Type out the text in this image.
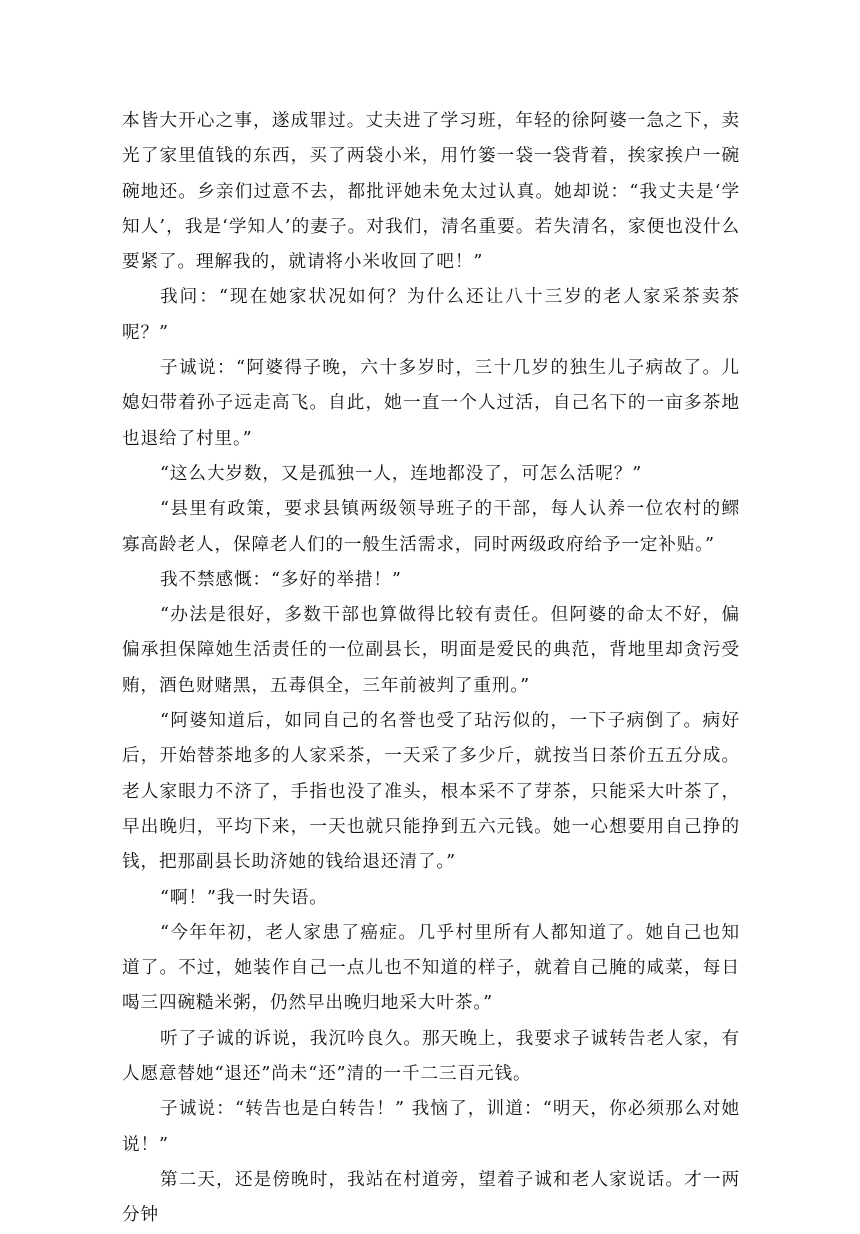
本皆大开心之事，遂成罪过。丈夫进了学习班，年轻的徐阿婆一急之下，卖光了家里值钱的东西，买了两袋小米，用竹篓一袋一袋背着，挨家挨户一碗碗地还。乡亲们过意不去，都批评她未免太过认真。她却说：“我丈夫是‘学知人’，我是‘学知人’的妻子。对我们，清名重要。若失清名，家便也没什么要紧了。理解我的，就请将小米收回了吧！”

我问：“现在她家状况如何？为什么还让八十三岁的老人家采茶卖茶呢？”

子诚说：“阿婆得子晚，六十多岁时，三十几岁的独生儿子病故了。儿媳妇带着孙子远走高飞。自此，她一直一个人过活，自己名下的一亩多茶地也退给了村里。”

“这么大岁数，又是孤独一人，连地都没了，可怎么活呢？”

“县里有政策，要求县镇两级领导班子的干部，每人认养一位农村的鳏寡高龄老人，保障老人们的一般生活需求，同时两级政府给予一定补贴。”

我不禁感慨：“多好的举措！”

“办法是很好，多数干部也算做得比较有责任。但阿婆的命太不好，偏偏承担保障她生活责任的一位副县长，明面是爱民的典范，背地里却贪污受贿，酒色财赌黑，五毒俱全，三年前被判了重刑。”

“阿婆知道后，如同自己的名誉也受了玷污似的，一下子病倒了。病好后，开始替茶地多的人家采茶，一天采了多少斤，就按当日茶价五五分成。老人家眼力不济了，手指也没了准头，根本采不了芽茶，只能采大叶茶了，早出晚归，平均下来，一天也就只能挣到五六元钱。她一心想要用自己挣的钱，把那副县长助济她的钱给退还清了。”

“啊！”我一时失语。

“今年年初，老人家患了癌症。几乎村里所有人都知道了。她自己也知道了。不过，她装作自己一点儿也不知道的样子，就着自己腌的咸菜，每日喝三四碗糙米粥，仍然早出晚归地采大叶茶。”

听了子诚的诉说，我沉吟良久。那天晚上，我要求子诚转告老人家，有人愿意替她“退还”尚未“还”清的一千二三百元钱。

子诚说：“转告也是白转告！” 我恼了，训道：“明天，你必须那么对她说！”

第二天，还是傍晚时，我站在村道旁，望着子诚和老人家说话。才一两分钟
